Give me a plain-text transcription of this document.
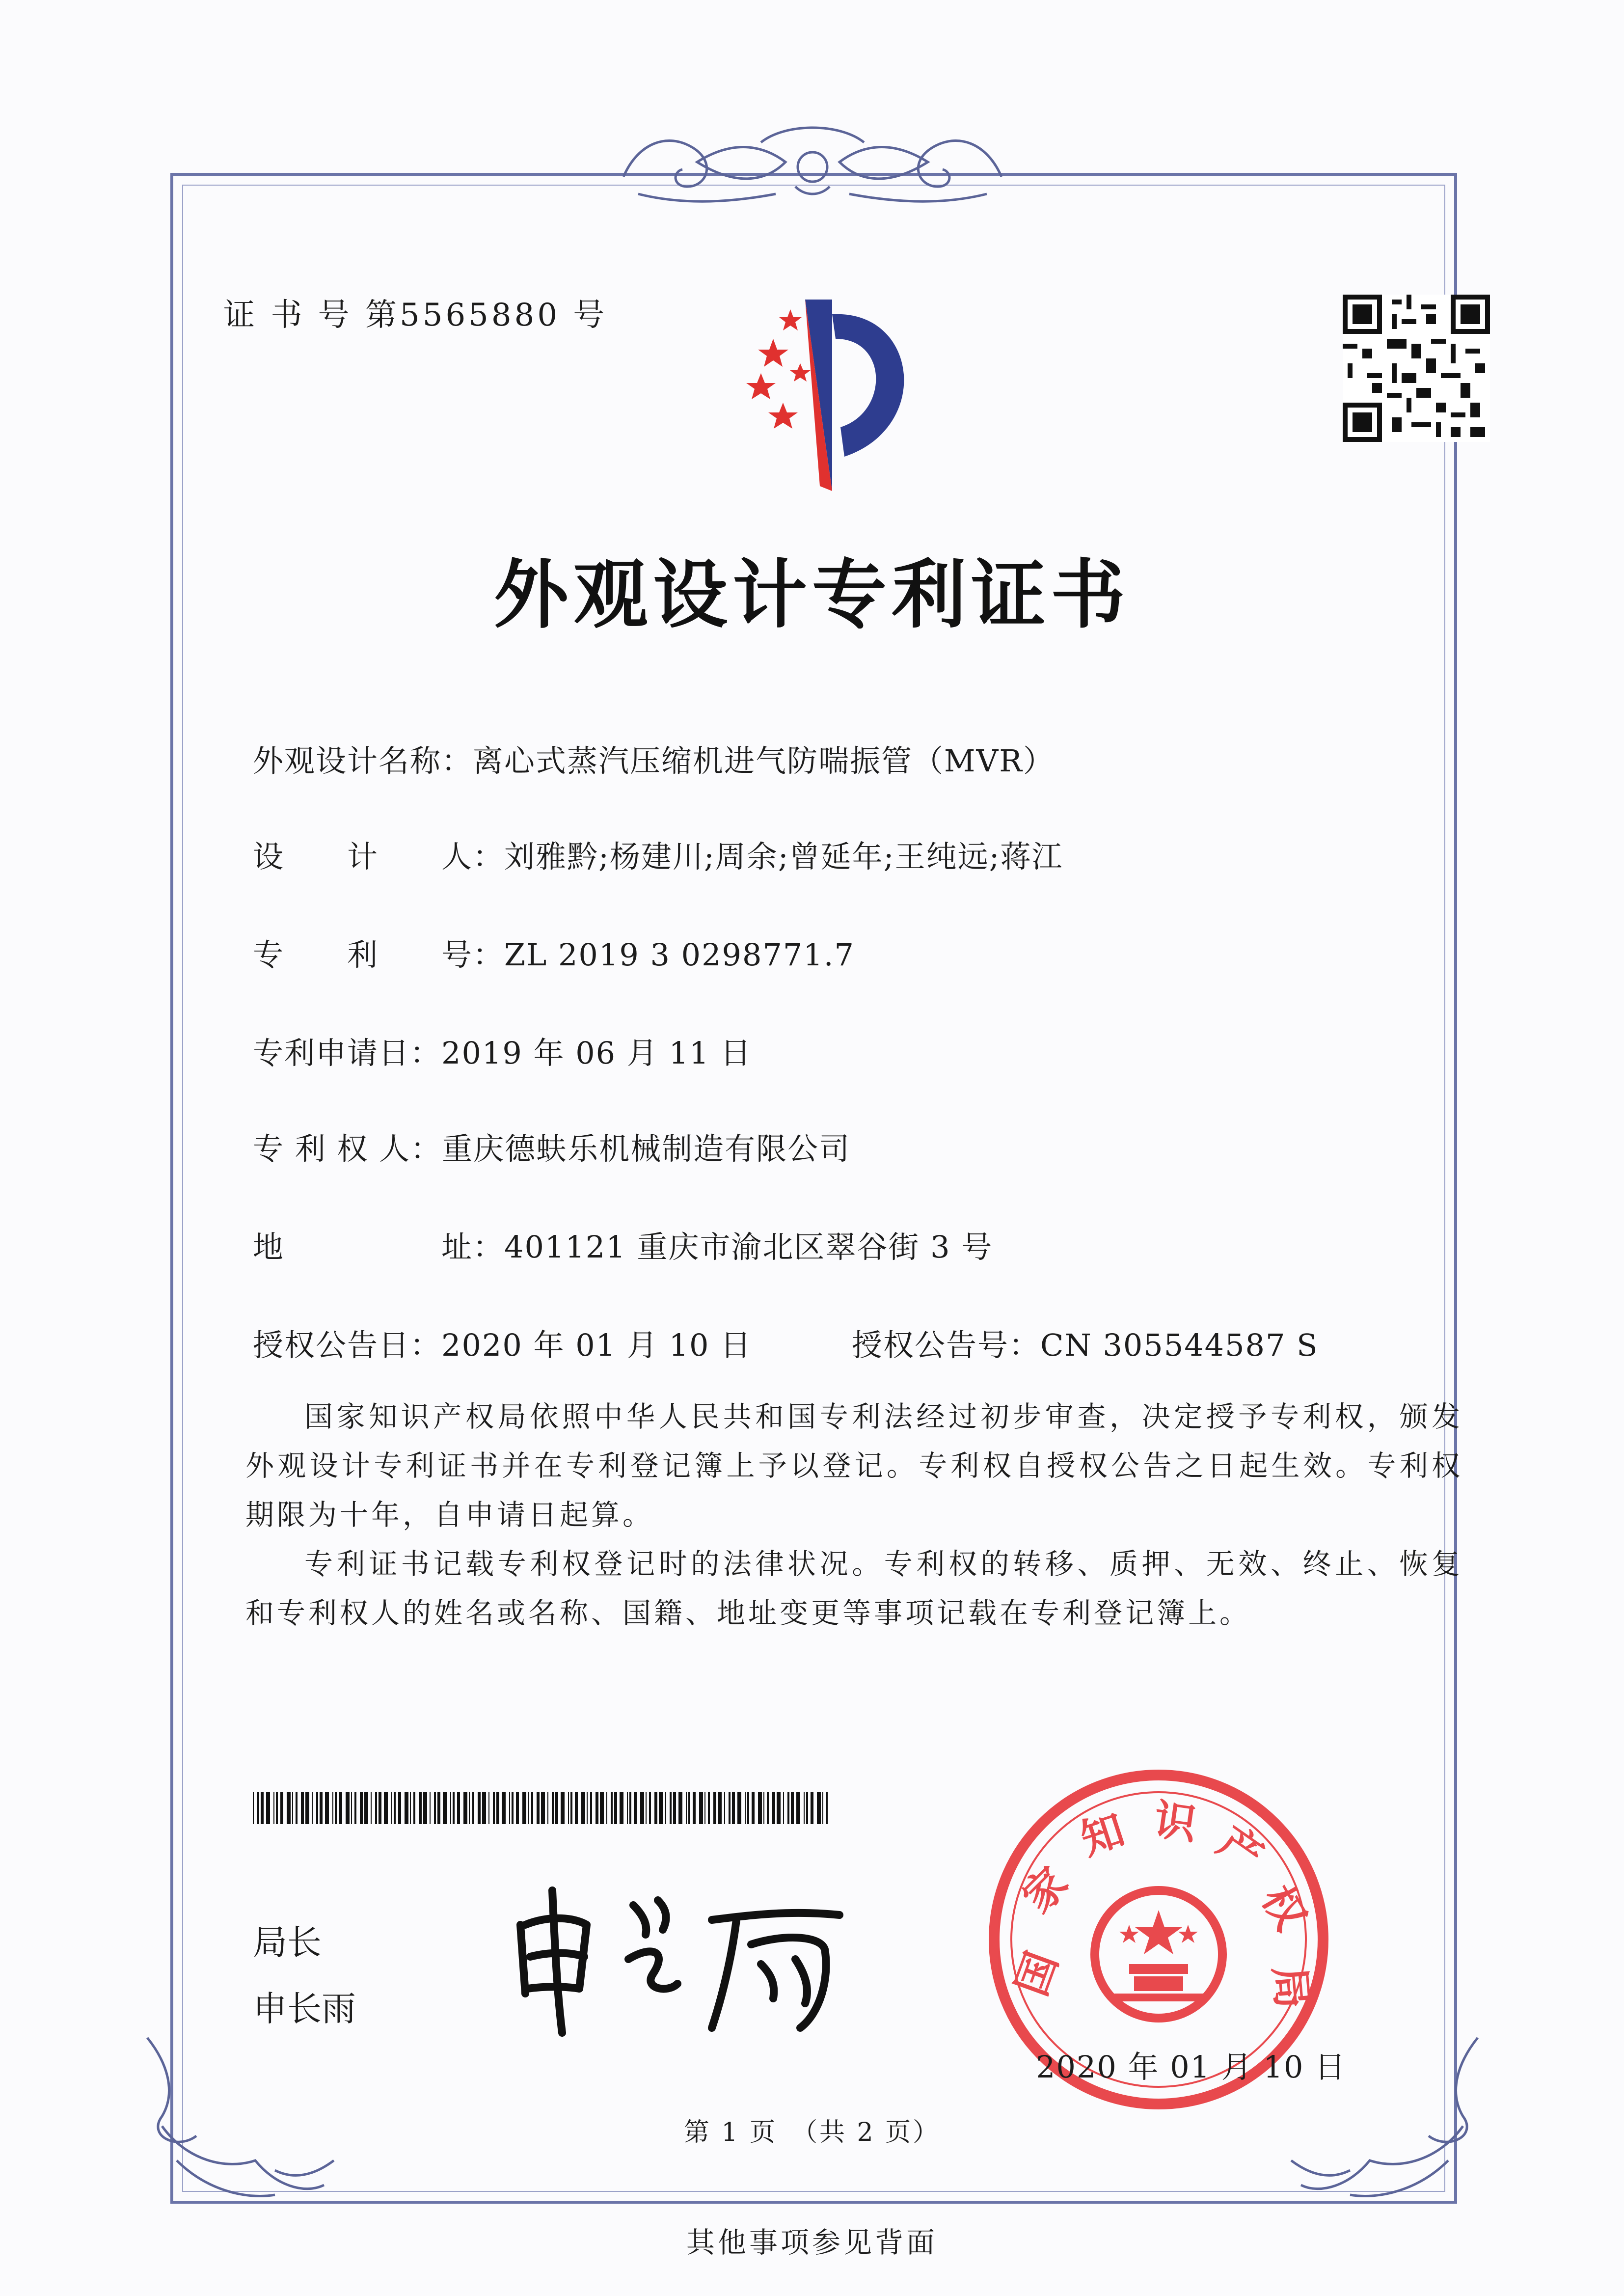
证 书 号 第5565880 号
外观设计专利证书
外观设计名称：离心式蒸汽压缩机进气防喘振管（MVR）
设　　计　　人：刘雅黔;杨建川;周余;曾延年;王纯远;蒋江
专　　利　　号：ZL 2019 3 0298771.7
专利申请日：2019 年 06 月 11 日
专 利 权 人：重庆德蚨乐机械制造有限公司
地　　　　　址：401121 重庆市渝北区翠谷街 3 号
授权公告日：2020 年 01 月 10 日	授权公告号：CN 305544587 S
国家知识产权局依照中华人民共和国专利法经过初步审查，决定授予专利权，颁发外观设计专利证书并在专利登记簿上予以登记。专利权自授权公告之日起生效。专利权期限为十年，自申请日起算。
专利证书记载专利权登记时的法律状况。专利权的转移、质押、无效、终止、恢复和专利权人的姓名或名称、国籍、地址变更等事项记载在专利登记簿上。
局长
申长雨
国
家
知 识 产
权
局
2020 年 01 月 10 日
第 1 页　（共 2 页）
其他事项参见背面
